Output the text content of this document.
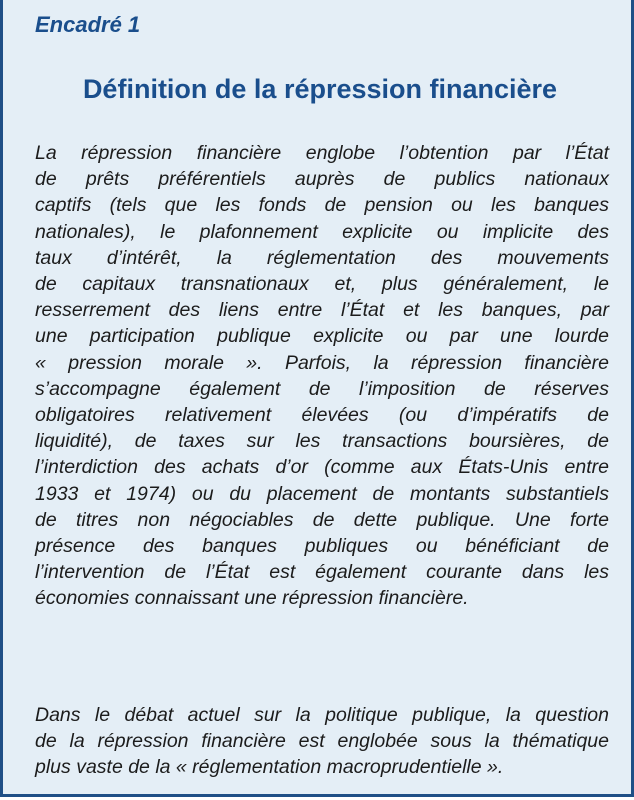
Encadré 1
Définition de la répression financière

La répression financière englobe l’obtention par l’État
de prêts préférentiels auprès de publics nationaux
captifs (tels que les fonds de pension ou les banques
nationales), le plafonnement explicite ou implicite des
taux d’intérêt, la réglementation des mouvements
de capitaux transnationaux et, plus généralement, le
resserrement des liens entre l’État et les banques, par
une participation publique explicite ou par une lourde
« pression morale ». Parfois, la répression financière
s’accompagne également de l’imposition de réserves
obligatoires relativement élevées (ou d’impératifs de
liquidité), de taxes sur les transactions boursières, de
l’interdiction des achats d’or (comme aux États-Unis entre
1933 et 1974) ou du placement de montants substantiels
de titres non négociables de dette publique. Une forte
présence des banques publiques ou bénéficiant de
l’intervention de l’État est également courante dans les
économies connaissant une répression financière.

Dans le débat actuel sur la politique publique, la question
de la répression financière est englobée sous la thématique
plus vaste de la « réglementation macroprudentielle ».
